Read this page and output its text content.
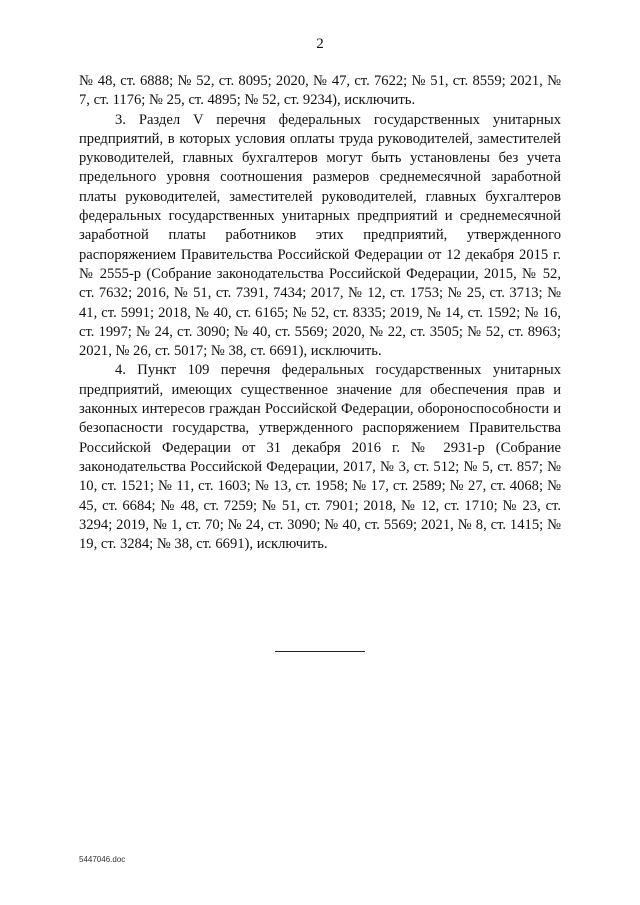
2

№ 48, ст. 6888; № 52, ст. 8095; 2020, № 47, ст. 7622; № 51, ст. 8559; 2021, № 7, ст. 1176; № 25, ст. 4895; № 52, ст. 9234), исключить.

3. Раздел V перечня федеральных государственных унитарных предприятий, в которых условия оплаты труда руководителей, заместителей руководителей, главных бухгалтеров могут быть установлены без учета предельного уровня соотношения размеров среднемесячной заработной платы руководителей, заместителей руководителей, главных бухгалтеров федеральных государственных унитарных предприятий и среднемесячной заработной платы работников этих предприятий, утвержденного распоряжением Правительства Российской Федерации от 12 декабря 2015 г. № 2555-р (Собрание законодательства Российской Федерации, 2015, № 52, ст. 7632; 2016, № 51, ст. 7391, 7434; 2017, № 12, ст. 1753; № 25, ст. 3713; № 41, ст. 5991; 2018, № 40, ст. 6165; № 52, ст. 8335; 2019, № 14, ст. 1592; № 16, ст. 1997; № 24, ст. 3090; № 40, ст. 5569; 2020, № 22, ст. 3505; № 52, ст. 8963; 2021, № 26, ст. 5017; № 38, ст. 6691), исключить.

4. Пункт 109 перечня федеральных государственных унитарных предприятий, имеющих существенное значение для обеспечения прав и законных интересов граждан Российской Федерации, обороноспособности и безопасности государства, утвержденного распоряжением Правительства Российской Федерации от 31 декабря 2016 г. № 2931-р (Собрание законодательства Российской Федерации, 2017, № 3, ст. 512; № 5, ст. 857; № 10, ст. 1521; № 11, ст. 1603; № 13, ст. 1958; № 17, ст. 2589; № 27, ст. 4068; № 45, ст. 6684; № 48, ст. 7259; № 51, ст. 7901; 2018, № 12, ст. 1710; № 23, ст. 3294; 2019, № 1, ст. 70; № 24, ст. 3090; № 40, ст. 5569; 2021, № 8, ст. 1415; № 19, ст. 3284; № 38, ст. 6691), исключить.

5447046.doc
